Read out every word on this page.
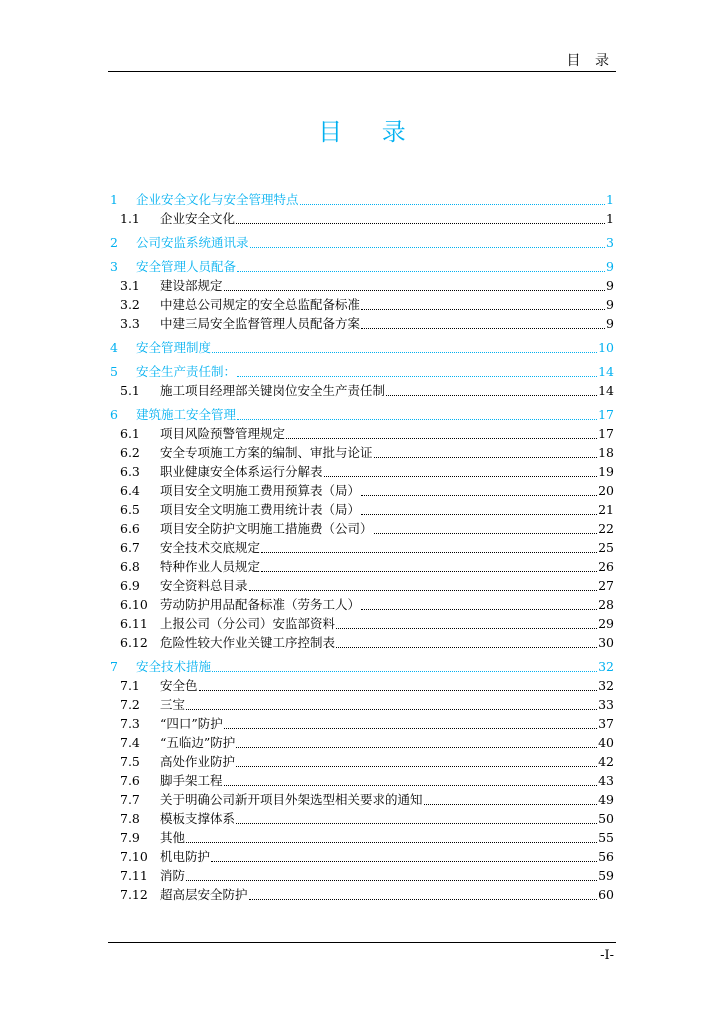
目 录
目 录
1	企业安全文化与安全管理特点	1
1.1	企业安全文化	1
2	公司安监系统通讯录	3
3	安全管理人员配备	9
3.1	建设部规定	9
3.2	中建总公司规定的安全总监配备标准	9
3.3	中建三局安全监督管理人员配备方案	9
4	安全管理制度	10
5	安全生产责任制：	14
5.1	施工项目经理部关键岗位安全生产责任制	14
6	建筑施工安全管理	17
6.1	项目风险预警管理规定	17
6.2	安全专项施工方案的编制、审批与论证	18
6.3	职业健康安全体系运行分解表	19
6.4	项目安全文明施工费用预算表（局）	20
6.5	项目安全文明施工费用统计表（局）	21
6.6	项目安全防护文明施工措施费（公司）	22
6.7	安全技术交底规定	25
6.8	特种作业人员规定	26
6.9	安全资料总目录	27
6.10 劳动防护用品配备标准（劳务工人）	28
6.11 上报公司（分公司）安监部资料	29
6.12 危险性较大作业关键工序控制表	30
7	安全技术措施	32
7.1	安全色	32
7.2	三宝	33
7.3	“四口”防护	37
7.4	“五临边”防护	40
7.5	高处作业防护	42
7.6	脚手架工程	43
7.7	关于明确公司新开项目外架选型相关要求的通知	49
7.8	模板支撑体系	50
7.9	其他	55
7.10 机电防护	56
7.11 消防	59
7.12 超高层安全防护	60
-I-
